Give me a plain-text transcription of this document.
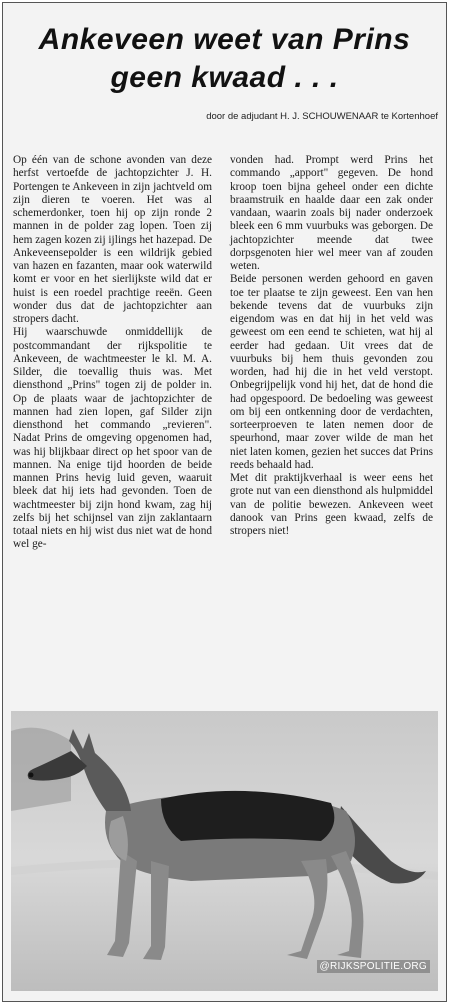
Ankeveen weet van Prins
geen kwaad . . .
door de adjudant H. J. SCHOUWENAAR te Kortenhoef

Op één van de schone avonden van deze herfst vertoefde de jachtopzichter J. H. Portengen te Ankeveen in zijn jachtveld om zijn dieren te voeren. Het was al schemerdonker, toen hij op zijn ronde 2 mannen in de polder zag lopen. Toen zij hem zagen kozen zij ijlings het hazepad. De Ankeveensepolder is een wildrijk gebied van hazen en fazanten, maar ook waterwild komt er voor en het sierlijkste wild dat er huist is een roedel prachtige reeën. Geen wonder dus dat de jachtopzichter aan stropers dacht.

Hij waarschuwde onmiddellijk de postcommandant der rijkspolitie te Ankeveen, de wachtmeester le kl. M. A. Silder, die toevallig thuis was. Met diensthond „Prins" togen zij de polder in. Op de plaats waar de jachtopzichter de mannen had zien lopen, gaf Silder zijn diensthond het commando „revieren". Nadat Prins de omgeving opgenomen had, was hij blijkbaar direct op het spoor van de mannen. Na enige tijd hoorden de beide mannen Prins hevig luid geven, waaruit bleek dat hij iets had gevonden. Toen de wachtmeester bij zijn hond kwam, zag hij zelfs bij het schijnsel van zijn zaklantaarn totaal niets en hij wist dus niet wat de hond wel ge-

vonden had. Prompt werd Prins het commando „apport" gegeven. De hond kroop toen bijna geheel onder een dichte braamstruik en haalde daar een zak onder vandaan, waarin zoals bij nader onderzoek bleek een 6 mm vuurbuks was geborgen. De jachtopzichter meende dat twee dorpsgenoten hier wel meer van af zouden weten.

Beide personen werden gehoord en gaven toe ter plaatse te zijn geweest. Een van hen bekende tevens dat de vuurbuks zijn eigendom was en dat hij in het veld was geweest om een eend te schieten, wat hij al eerder had gedaan. Uit vrees dat de vuurbuks bij hem thuis gevonden zou worden, had hij die in het veld verstopt. Onbegrijpelijk vond hij het, dat de hond die had opgespoord. De bedoeling was geweest om bij een ontkenning door de verdachten, sorteerproeven te laten nemen door de speurhond, maar zover wilde de man het niet laten komen, gezien het succes dat Prins reeds behaald had.

Met dit praktijkverhaal is weer eens het grote nut van een diensthond als hulpmiddel van de politie bewezen. Ankeveen weet danook van Prins geen kwaad, zelfs de stropers niet!

@RIJKSPOLITIE.ORG
